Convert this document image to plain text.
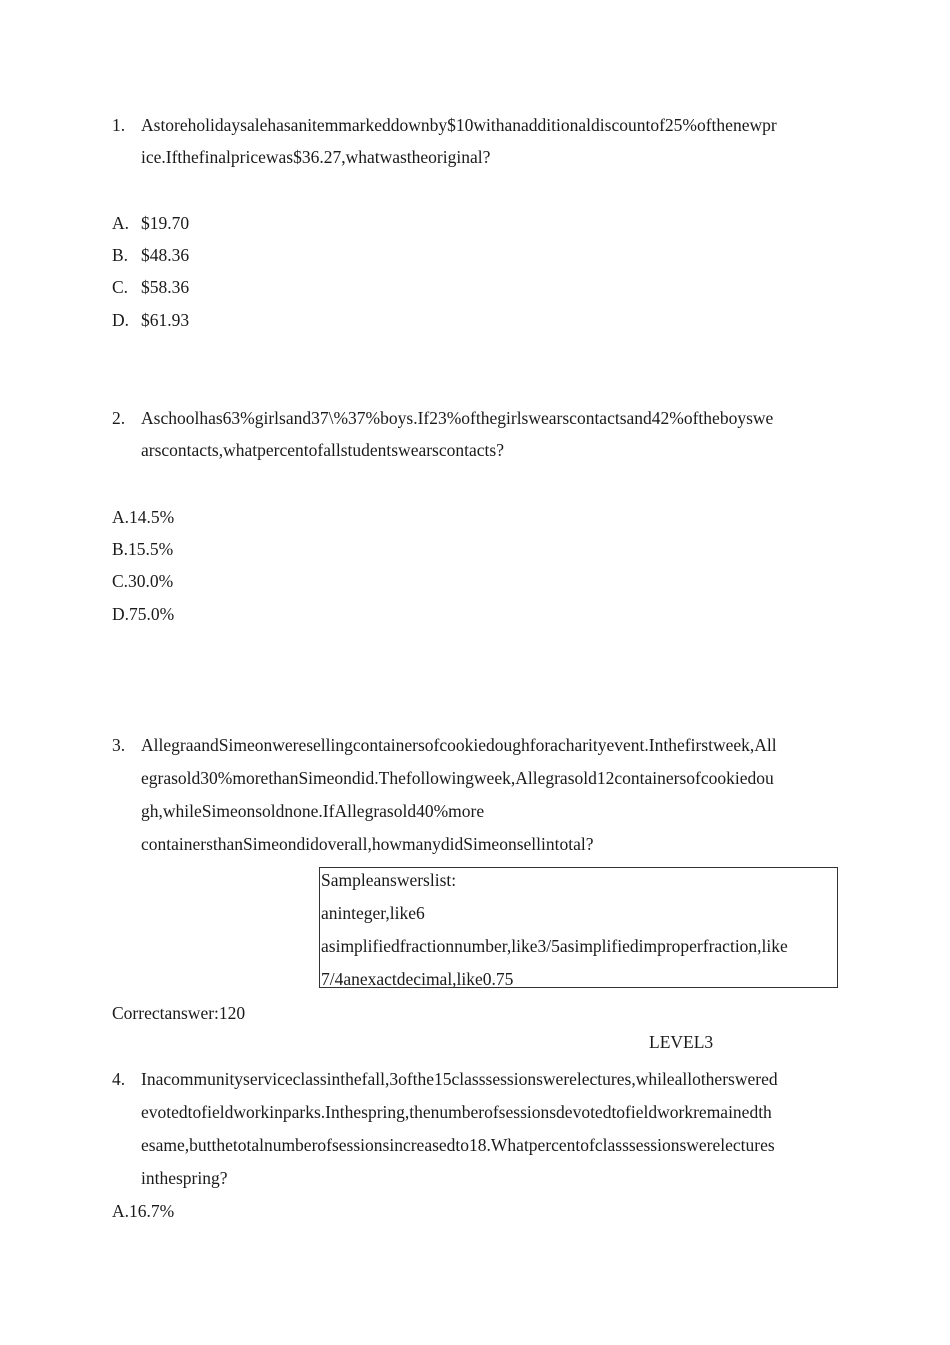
1. Astoreholidaysalehasanitemmarkeddownby$10withanadditionaldiscountof25%ofthenewpr
ice.Ifthefinalpricewas$36.27,whatwastheoriginal?
A. $19.70
B. $48.36
C. $58.36
D. $61.93
2. Aschoolhas63%girlsand37\%37%boys.If23%ofthegirlswearscontactsand42%oftheboyswe
arscontacts,whatpercentofallstudentswearscontacts?
A.14.5%
B.15.5%
C.30.0%
D.75.0%
3. AllegraandSimeonweresellingcontainersofcookiedoughforacharityevent.Inthefirstweek,All
egrasold30%morethanSimeondid.Thefollowingweek,Allegrasold12containersofcookiedou
gh,whileSimeonsoldnone.IfAllegrasold40%more
containersthanSimeondidoverall,howmanydidSimeonsellintotal?
Sampleanswerslist:
aninteger,like6
asimplifiedfractionnumber,like3/5asimplifiedimproperfraction,like
7/4anexactdecimal,like0.75
Correctanswer:120
LEVEL3
4. Inacommunityserviceclassinthefall,3ofthe15classsessionswerelectures,whileallotherswered
evotedtofieldworkinparks.Inthespring,thenumberofsessionsdevotedtofieldworkremainedth
esame,butthetotalnumberofsessionsincreasedto18.Whatpercentofclasssessionswerelectures
inthespring?
A.16.7%
